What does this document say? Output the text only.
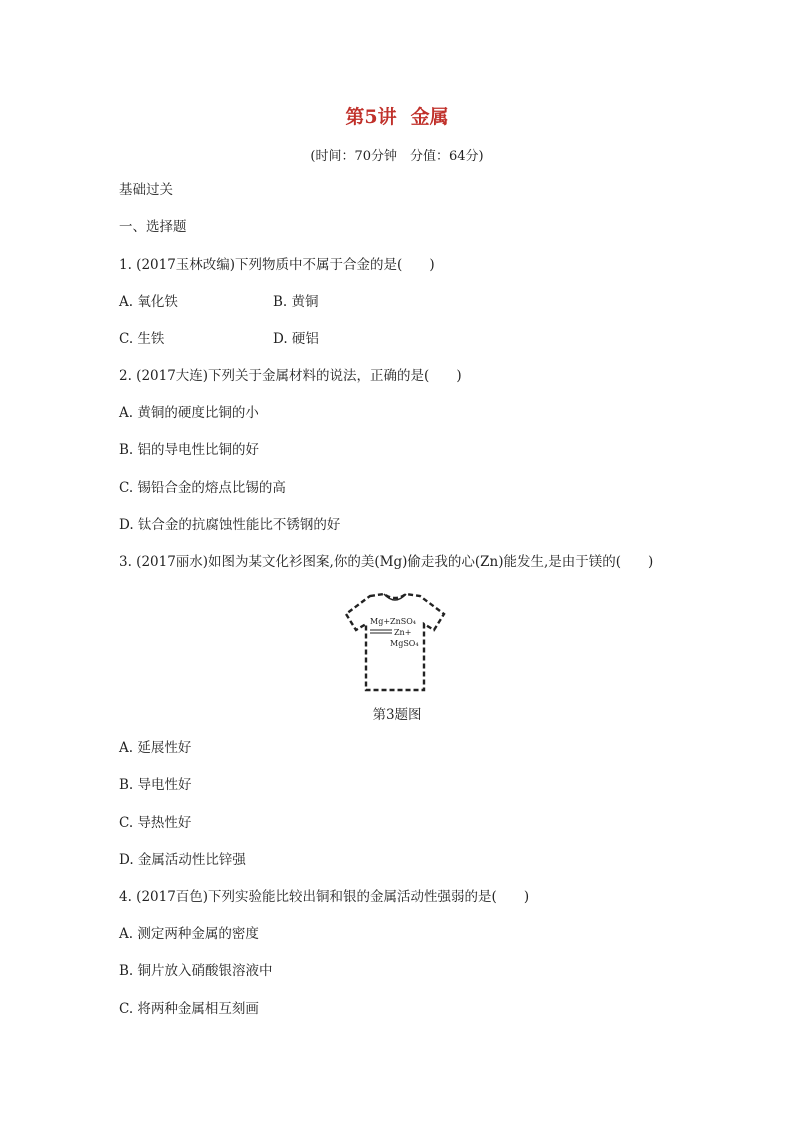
第5讲 金属
(时间：70分钟　分值：64分)
基础过关
一、选择题
1. (2017玉林改编)下列物质中不属于合金的是(　　)
A. 氧化铁	B. 黄铜
C. 生铁	D. 硬铝
2. (2017大连)下列关于金属材料的说法，正确的是(　　)
A. 黄铜的硬度比铜的小
B. 铝的导电性比铜的好
C. 锡铅合金的熔点比锡的高
D. 钛合金的抗腐蚀性能比不锈钢的好
3. (2017丽水)如图为某文化衫图案,你的美(Mg)偷走我的心(Zn)能发生,是由于镁的(　　)
Mg+ZnSO₄
Zn+
MgSO₄
第3题图
A. 延展性好
B. 导电性好
C. 导热性好
D. 金属活动性比锌强
4. (2017百色)下列实验能比较出铜和银的金属活动性强弱的是(　　)
A. 测定两种金属的密度
B. 铜片放入硝酸银溶液中
C. 将两种金属相互刻画
